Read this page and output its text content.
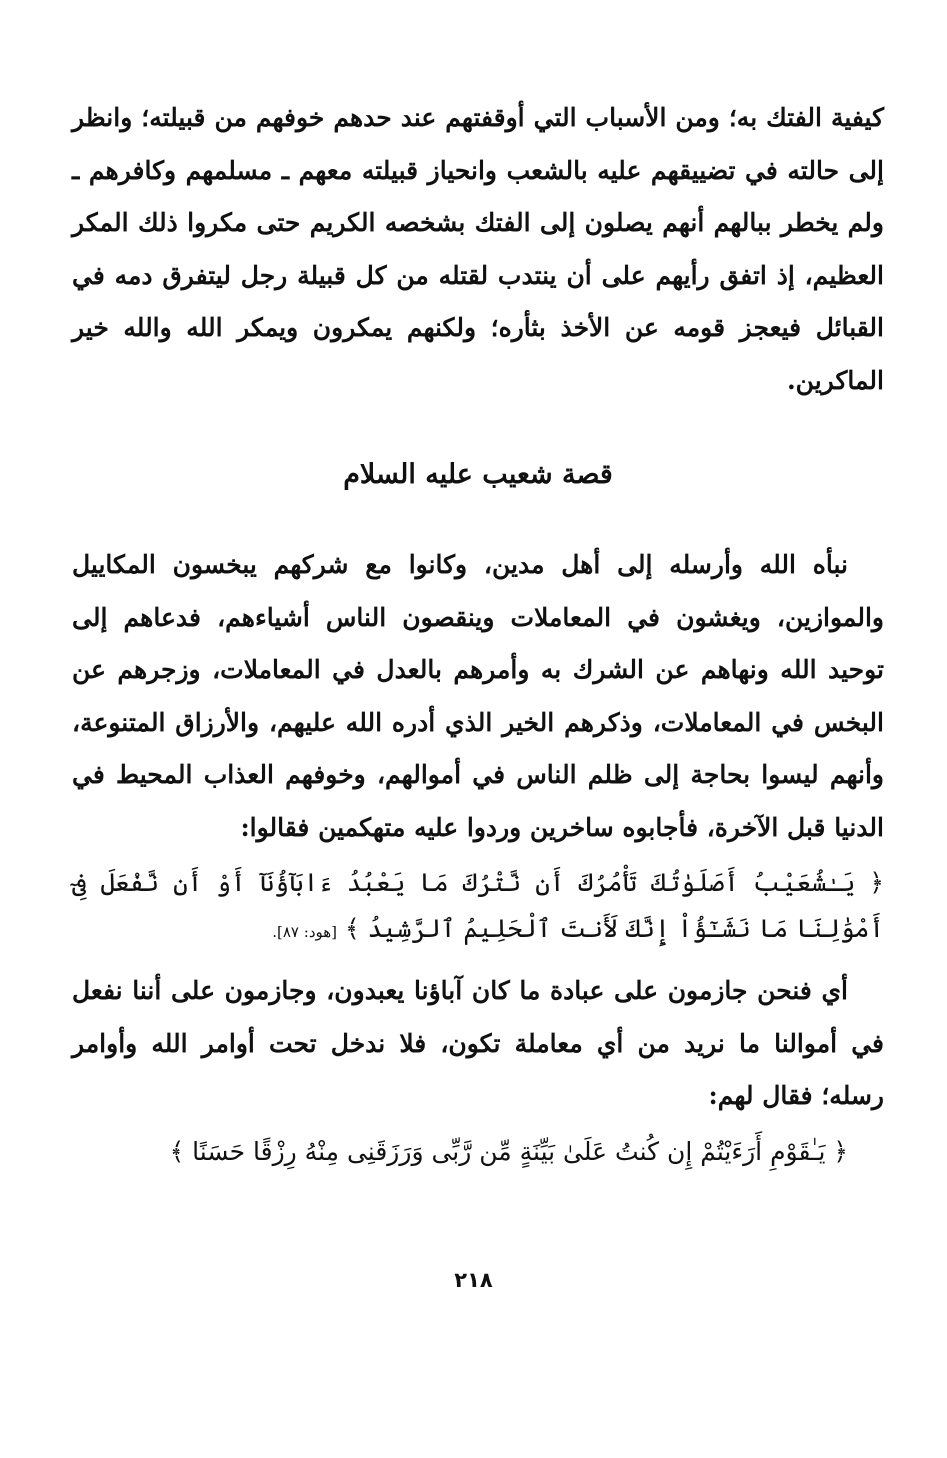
كيفية الفتك به؛ ومن الأسباب التي أوقفتهم عند حدهم خوفهم من قبيلته؛ وانظر إلى حالته في تضييقهم عليه بالشعب وانحياز قبيلته معهم ـ مسلمهم وكافرهم ـ ولم يخطر ببالهم أنهم يصلون إلى الفتك بشخصه الكريم حتى مكروا ذلك المكر العظيم، إذ اتفق رأيهم على أن ينتدب لقتله من كل قبيلة رجل ليتفرق دمه في القبائل فيعجز قومه عن الأخذ بثأره؛ ولكنهم يمكرون ويمكر الله والله خير الماكرين.

قصة شعيب عليه السلام

نبأه الله وأرسله إلى أهل مدين، وكانوا مع شركهم يبخسون المكاييل والموازين، ويغشون في المعاملات وينقصون الناس أشياءهم، فدعاهم إلى توحيد الله ونهاهم عن الشرك به وأمرهم بالعدل في المعاملات، وزجرهم عن البخس في المعاملات، وذكرهم الخير الذي أدره الله عليهم، والأرزاق المتنوعة، وأنهم ليسوا بحاجة إلى ظلم الناس في أموالهم، وخوفهم العذاب المحيط في الدنيا قبل الآخرة، فأجابوه ساخرين وردوا عليه متهكمين فقالوا:

﴿ يَـٰشُعَيْبُ أَصَلَوٰتُكَ تَأْمُرُكَ أَن نَّتْرُكَ مَا يَعْبُدُ ءَابَآؤُنَآ أَوْ أَن نَّفْعَلَ فِىٓ أَمْوَٰلِنَا مَا نَشَـٰٓؤُاْ إِنَّكَ لَأَنتَ ٱلْحَلِيمُ ٱلرَّشِيدُ ﴾ [هود: ٨٧].

أي فنحن جازمون على عبادة ما كان آباؤنا يعبدون، وجازمون على أننا نفعل في أموالنا ما نريد من أي معاملة تكون، فلا ندخل تحت أوامر الله وأوامر رسله؛ فقال لهم:

﴿ يَـٰقَوْمِ أَرَءَيْتُمْ إِن كُنتُ عَلَىٰ بَيِّنَةٍ مِّن رَّبِّى وَرَزَقَنِى مِنْهُ رِزْقًا حَسَنًا ﴾

٢١٨
